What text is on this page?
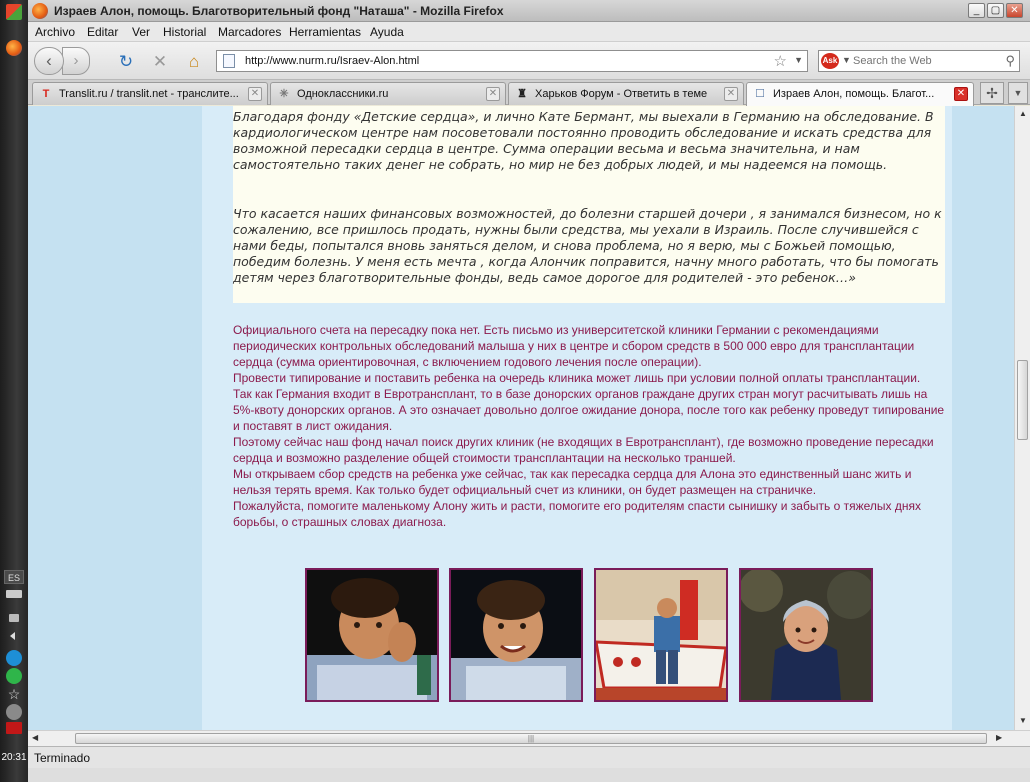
ES
☆
20:31
Израев Алон, помощь. Благотворительный фонд "Наташа" - Mozilla Firefox	_	▢	✕
Archivo Editar Ver Historial Marcadores Herramientas Ayuda
›
‹	↻ ✕	⌂	http://www.nurm.ru/Israev-Alon.html	☆ ▼ Ask ▼
Search the Web	⚲
T Translit.ru / translit.net - транслите...	✕ ✳ Одноклассники.ru	✕ ♜ Харьков Форум - Ответить в теме	✕ ☐ Израев Алон, помощь. Благот...	✕	✢	▼

Благодаря фонду «Детские сердца», и лично Кате Бермант, мы выехали в Германию на обследование. В кардиологическом центре нам посоветовали постоянно проводить обследование и искать средства для возможной пересадки сердца в центре. Сумма операции весьма и весьма значительна, и нам самостоятельно таких денег не собрать, но мир не без добрых людей, и мы надеемся на помощь.

Что касается наших финансовых возможностей, до болезни старшей дочери , я занимался бизнесом, но к сожалению, все пришлось продать, нужны были средства, мы уехали в Израиль. После случившейся с нами беды, попытался вновь заняться делом, и снова проблема, но я верю, мы с Божьей помощью, победим болезнь. У меня есть мечта , когда Алончик поправится, начну много работать, что бы помогать детям через благотворительные фонды, ведь самое дорогое для родителей - это ребенок…»

Официального счета на пересадку пока нет. Есть письмо из университетской клиники Германии с рекомендациями периодических контрольных обследований малыша у них в центре и сбором средств в 500 000 евро для трансплантации сердца (сумма ориентировочная, с включением годового лечения после операции).

Провести типирование и поставить ребенка на очередь клиника может лишь при условии полной оплаты трансплантации.

Так как Германия входит в Евротрансплант, то в базе донорских органов граждане других стран могут расчитывать лишь на 5%-квоту донорских органов. А это означает довольно долгое ожидание донора, после того как ребенку проведут типирование и поставят в лист ожидания.

Поэтому сейчас наш фонд начал поиск других клиник (не входящих в Евротрансплант), где возможно проведение пересадки сердца и возможно разделение общей стоимости трансплантации на несколько траншей.

Мы открываем сбор средств на ребенка уже сейчас, так как пересадка сердца для Алона это единственный шанс жить и нельзя терять время. Как только будет официальный счет из клиники, он будет размещен на страничке.

Пожалуйста, помогите маленькому Алону жить и расти, помогите его родителям спасти сынишку и забыть о тяжелых днях борьбы, о страшных словах диагноза.

▲
▼
◀	|||	▶
Terminado
